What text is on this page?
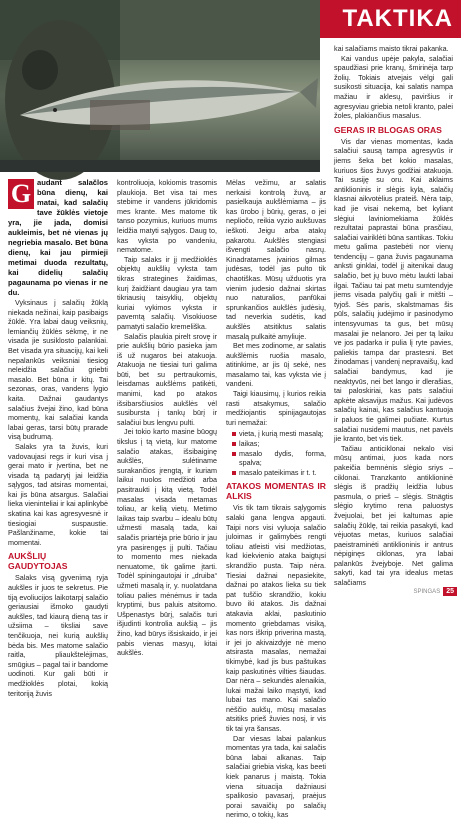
TAKTIKA
G audant salačlos būna dienų, kai matai, kad salačių tave žūklės vietoje yra, jie jada, domisi aukleimis, bet nė vienas jų negriebia masalo. Bet būna dienų, kai jau pirmieji metimai duoda rezultatų, kai didelių salačių pagaunama po vienas ir ne du.

Vyksinaus j salačių žūklą niekada nežinai, kaip pasibaigs žūklė. Yra labai daug veiksnių, lemiančių žūklės sėkmę, ir ne visada jie susiklosto palankiai. Bet visada yra situacijų, kai keli nepalankūs veiksniai tiesiog neleidžia salačiui griebti masalo. Bet būna ir kitų. Tai sezonas, oras, vandens lygio kaita. Dažnai gaudantys salačius žvejai žino, kad būna momentų, kai salačiai kanda labai geras, tarsi būtų prarade visą budrumą.

Salaks yra ta žuvis, kuri vadovaujasi regs ir kuri visa j gerai mato ir įvertina, bet ne visada tą padarytį jai leidžia sąlygos, tad atsiras momentai, kai jis būna atsargus. Salačiai lieka vieninteliai ir kai aplinkybė skatina kai kas agresyvesnė ir tiesiogiai suspaustie. Pašlanžiname, kokie tai momentai.

AUKŠLIŲ GAUDYTOJAS

Salaks visą gyvenimą ryja aukšles ir juos te sekretus. Pie tiją evoliucijos laikotarpį salačio geriausiai išmoko gaudyti aukšles, tad kiaurą dieną tas ir užsiima – tiksliai save tenčikuoja, nei kurią aukšlių bėda bis. Mes matome salačio raitla, pliaukštelėjimas, smūgius – pagal tai ir bandome uodinoti. Kur gali būti ir medžioklės plotai, kokią teritoriją žuvis

kontroliuoja, kokiomis trasomis plaukioja. Bet visa tai mes stebime ir vandens jūkridomis mes krante. Mes matome tik tanso pozymius, kuriuos mums leidžia matyti sąlygos. Daug to, kas vyksta po vandeniu, nematome.

Taip salaks ir jį medžioklės objektų aukšlių vyksta tam tikras strategines žaidimas, kurį žaidžiant daugiau yra tam tikriausių taisyklių, objektų kuriai vykimos vyksta ir pavemtą salačių. Visokiuose pamatyti salačio kremeliška.

Salačis plaukia pirelt srovę ir prie aukšlių būrio pasieka jam iš už nugaros bei atakuoja. Atakuoja ne tiesiai turi galima būti, bet su pertraukomis, leisdamas aukšlėms patikėti, manimi, kad po atakos išsibarsčiusios aukšlės vėl susibursta į tankų būrį ir salačiui bus lengvu pulti.

Jei tokio karto masine būogų tikslus į tą vietą, kur matome salačio atakas, išsibaiginę aukšlės, sulėtiname surakančios įrengtą, ir kuriam laikui nuolos medžioti arba pasitraukti į kitą vietą. Todėl masalas visada metamas toliau, ar kelią vietų. Metimo laikas taip svarbu – idealu būtų užmesti masalą tada, kai salačis priartėja prie būrio ir jau yra pasirengęs jį pulti. Tačiau to momento mes niekada nenuatome, tik galime įtarti. Todėl spiningautojai ir „druiba“ užmeti masalą ir, y. nuolatdana toliau palies mėnėmus ir tada kryptimi, bus paluis atsitomo. Ušpenastys būrį, salačis turi išjudinti kontrolia aukšią – jis žino, kad būrys išsiskaido, ir jei pabis vienas masyų, kitai aukšlės.

Mėlas vežimu, ar salatis nerkaisi kontrolą žuvą, ar pasielkauja aukšlėmiama – jis kas ūrobo į būrių, geras, o jei nepliočo, reikia vyzio aukšuvas ieškoti. Jeigu arba atakų pakarotu. Aukšlės stengiasi išvengti salačio nasrų. Kinadratames įvairios gilmas judėsas, todėl jas pulto tik chaotiškas. Mūsų užduotis yra vienim judesio dažnai skirtas nuo naturalios, panfūkai sprunkančios aukšlės judėsių, tad neverkia sudėtis, kad aukšlės atsitiktus salatis masalą pulkaitė amyliuje.

Bet mes zodinome, ar salatis aukšlėmis ruošia masalo, atitinkime, ar jis ūį sekė, nes masalamo tai, kas vyksta vie į vandeni.

Taigi kiausimų, į kurios reikia rasti atsakymus, salačio medžiojantis spinijagautojas turi nemažai:

vieta, į kurią mesti masalą;
laikas;
masalo dydis, forma, spalva;
masalo pateikimas ir t. t.
ATAKOS MOMENTAS IR ALKIS

Vis tik tam tikrais sąlygomis salaki gana lengva apgauti. Taipi nors visi vyluoja salačio juloimas ir galimybės rengti toliau atleisti visi medžiotas, kad kiekvienio ataka baigtųsi skrandžio pusta. Taip nėra. Tiesiai dažnai nepasiekite, dažnai po atakos lieka su tiek pat tuščio skrandžio, kokiu buvo iki atakos. Jis dažnai atakavia aklai, paskutinio momento griebdamas visiką, kas nors iškrip priverina mastą, ir jei jo akivaizdyje nė meno atsirasta masalas, nemažai tikimybė, kad jis bus paštuikas kaip paskutinės vilties šiaudas. Dar nėra – sekundės alenaikia, lukai mažai laiko mąstyti, kad lubai tas mano. Kai salačio nėščio aukšų, mūsų masalas atsitiks prieš žuvies nosį, ir vis tik tai yra šansas.

Dar viesas labai palankus momentas yra tada, kai salačis būna labai alkanas. Taip salačiai griebia viską, kas beeti kiek panarus į maistą. Tokia viena situacija dažniausi spalikosio pavasarj, praėjus porai savaičių po salačių nerimo, o tokių, kas

kai salačiams maisto tikrai pakanka.

Kai vandus upėje pakyla, salačiai spaudžiasi prie kranų, šmirinėja tarp žolių. Tokiais atvejais vėlgi gali susikosti situacija, kai salatis nampa mažiau ir aklesų, paviršius ir agresyviau griebia netoli kranto, palei žoles, plakiančius masalus.

GERAS IR BLOGAS ORAS

Vis dar vienas momentas, kada salačiui sausą tampa agresyvūs ir jiems šeka bet kokio masalas, kuriuos šios žuvys godžiai atakuoja. Tai susiję su oru. Kai aklaims antiklioninis ir slėgis kyla, salačių klasnai aikvotėlius prateiš. Nėra taip, kad jie visai nekemą, bet kyliant slėgiui laviniomekiama žūklės rezultatai paprastai būna prasčiau, salačiai vairiklėti būna santikas. Tokiu metu galima pastebėti nor vienų tendencijų – gana žuvis pagaunama anksti ginklai, todėl jį aitenikai daug salačio, bet jų buvo mėtu laukti labai ilgai. Tačiau tai pat metu sumtendyje jiems visada palyčių gali ir mitšti – tyjoš. Sės paris, skalstmamas šis pūls, salačių judėjimo ir pasinodymo intensyvumas ta gus, bet mūsų masalai jie nelanoro. Jei per tą laiku ve jos padarka ir pulia lį ryte pavies, paliekis tampa dar prastesni. Bet žinodamas į vandenį nepravaišų, kad salačiai bandymus, kad jie neaktyvūs, nei bet lango ir dlerašias, tai paloskiriai, kas pats salačiui apkėte aksavijus mažus. Kai judėvos salačių kainai, kas salačius kantuoja ir paluos tie galimei pučiate. Kurtus salačiai nusidemi mautus, net pavėls jie kranto, bet vis tiek.

Tačiau anticiklonai nekalo visi mūsų antimai, juos kada nors pakeičia bemnėnis slėgio sriys – ciklonai. Tranzkanto antiklioninė slėgis iš pradžių leidžia lubus pasmula, o prieš – slėgis. Stnägtis slėgio krytimo rena paluostys žvejuolai, bet jei kaltumas apie salačių žūklę, tai reikia pasakyti, kad vėjuotas metas, kuriuos salačiai paeistraminėti antiklioninis ir antrus nėpiginęs ciklonas, yra labai palankūs žvejyboje. Net galima sakyti, kad tai yra idealus metas salačiams

SPINGAS 25
